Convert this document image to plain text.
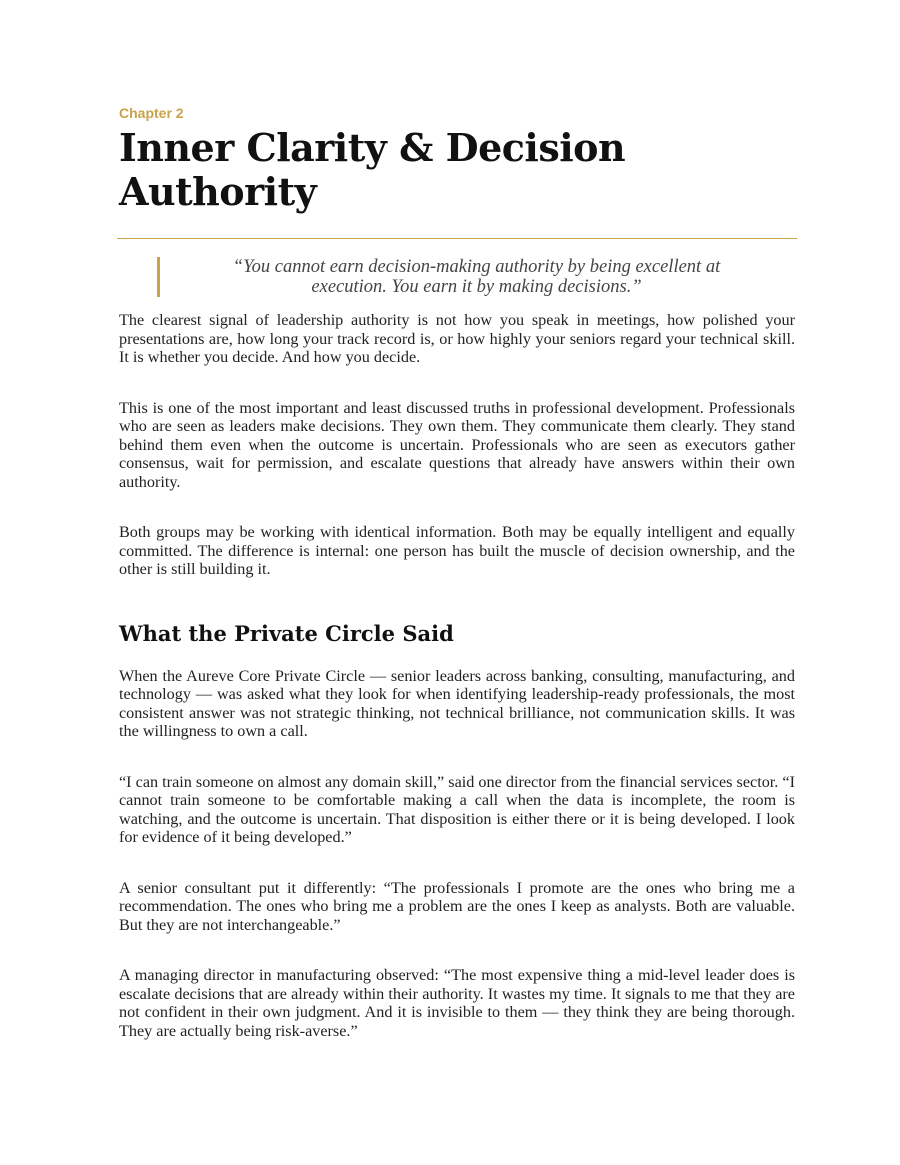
Chapter 2

Inner Clarity & Decision
Authority
“You cannot earn decision-making authority by being excellent at execution. You earn it by making decisions.”

The clearest signal of leadership authority is not how you speak in meetings, how polished your presentations are, how long your track record is, or how highly your seniors regard your technical skill. It is whether you decide. And how you decide.

This is one of the most important and least discussed truths in professional development. Professionals who are seen as leaders make decisions. They own them. They communicate them clearly. They stand behind them even when the outcome is uncertain. Professionals who are seen as executors gather consensus, wait for permission, and escalate questions that already have answers within their own authority.

Both groups may be working with identical information. Both may be equally intelligent and equally committed. The difference is internal: one person has built the muscle of decision ownership, and the other is still building it.

What the Private Circle Said

When the Aureve Core Private Circle — senior leaders across banking, consulting, manufacturing, and technology — was asked what they look for when identifying leadership-ready professionals, the most consistent answer was not strategic thinking, not technical brilliance, not communication skills. It was the willingness to own a call.

“I can train someone on almost any domain skill,” said one director from the financial services sector. “I cannot train someone to be comfortable making a call when the data is incomplete, the room is watching, and the outcome is uncertain. That disposition is either there or it is being developed. I look for evidence of it being developed.”

A senior consultant put it differently: “The professionals I promote are the ones who bring me a recommendation. The ones who bring me a problem are the ones I keep as analysts. Both are valuable. But they are not interchangeable.”

A managing director in manufacturing observed: “The most expensive thing a mid-level leader does is escalate decisions that are already within their authority. It wastes my time. It signals to me that they are not confident in their own judgment. And it is invisible to them — they think they are being thorough. They are actually being risk-averse.”
